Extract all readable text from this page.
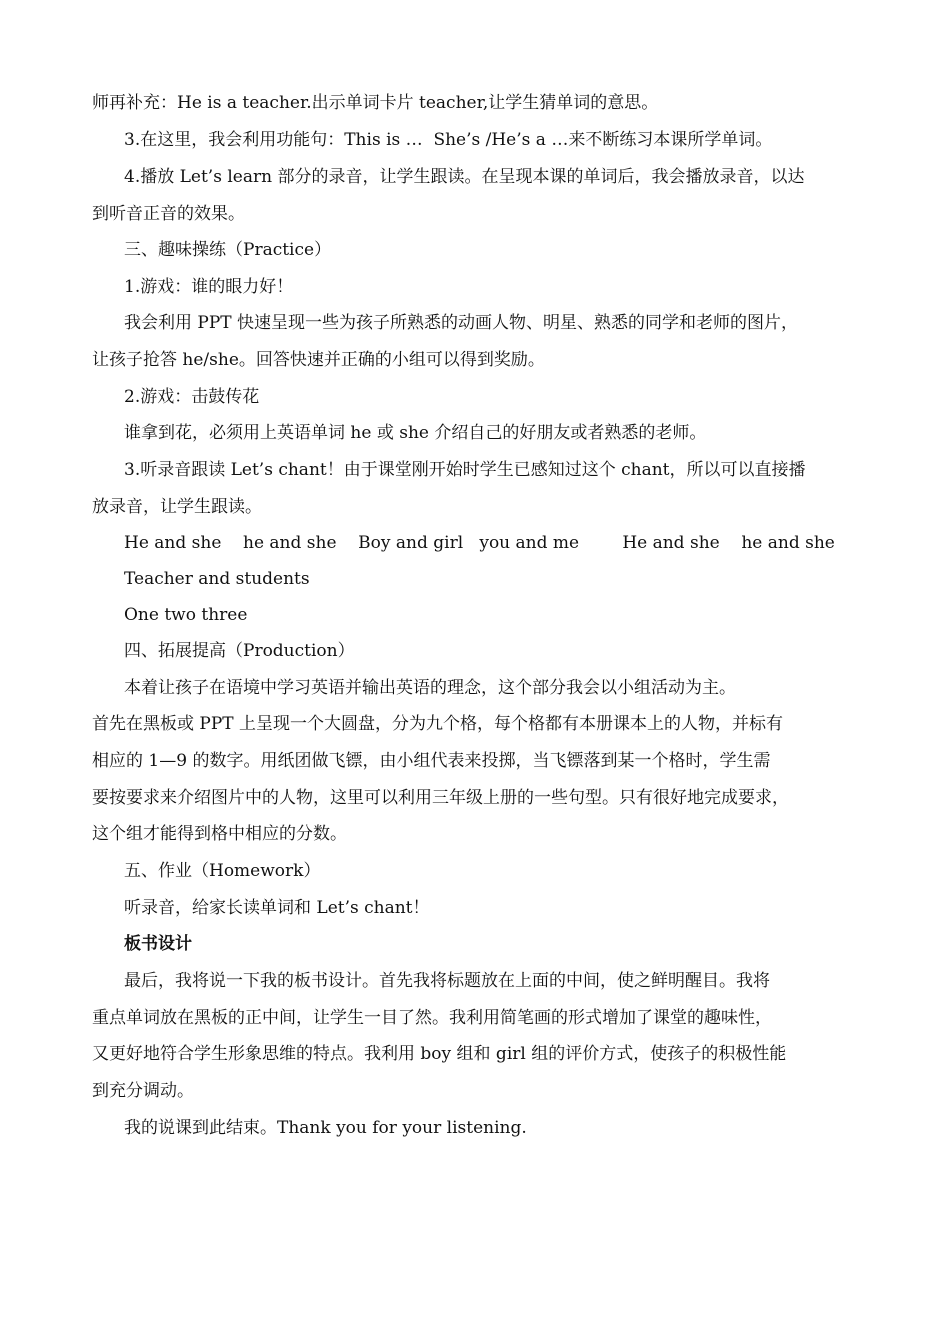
师再补充：He is a teacher.出示单词卡片 teacher,让学生猜单词的意思。
3.在这里，我会利用功能句：This is …  She’s /He’s a …来不断练习本课所学单词。
4.播放 Let’s learn 部分的录音，让学生跟读。在呈现本课的单词后，我会播放录音，以达
到听音正音的效果。
三、趣味操练（Practice）
1.游戏：谁的眼力好！
我会利用 PPT 快速呈现一些为孩子所熟悉的动画人物、明星、熟悉的同学和老师的图片，
让孩子抢答 he/she。回答快速并正确的小组可以得到奖励。
2.游戏：击鼓传花
谁拿到花，必须用上英语单词 he 或 she 介绍自己的好朋友或者熟悉的老师。
3.听录音跟读 Let’s chant！由于课堂刚开始时学生已感知过这个 chant，所以可以直接播
放录音，让学生跟读。
He and she    he and she    Boy and girl   you and me        He and she    he and she
Teacher and students
One two three
四、拓展提高（Production）
本着让孩子在语境中学习英语并输出英语的理念，这个部分我会以小组活动为主。
首先在黑板或 PPT 上呈现一个大圆盘，分为九个格，每个格都有本册课本上的人物，并标有
相应的 1—9 的数字。用纸团做飞镖，由小组代表来投掷，当飞镖落到某一个格时，学生需
要按要求来介绍图片中的人物，这里可以利用三年级上册的一些句型。只有很好地完成要求，
这个组才能得到格中相应的分数。
五、作业（Homework）
听录音，给家长读单词和 Let’s chant！
板书设计
最后，我将说一下我的板书设计。首先我将标题放在上面的中间，使之鲜明醒目。我将
重点单词放在黑板的正中间，让学生一目了然。我利用简笔画的形式增加了课堂的趣味性，
又更好地符合学生形象思维的特点。我利用 boy 组和 girl 组的评价方式，使孩子的积极性能
到充分调动。
我的说课到此结束。Thank you for your listening.
